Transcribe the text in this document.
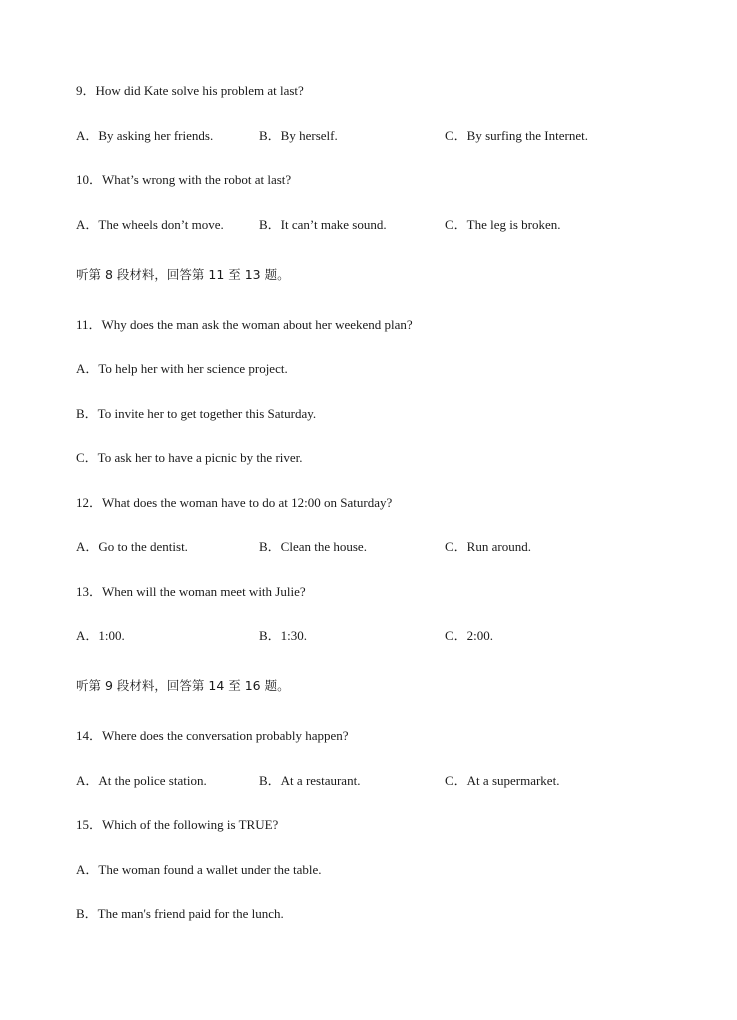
9．How did Kate solve his problem at last?
A．By asking her friends.	B．By herself.	C．By surfing the Internet.
10．What’s wrong with the robot at last?
A．The wheels don’t move.	B．It can’t make sound.	C．The leg is broken.
听第 8 段材料，回答第 11 至 13 题。
11．Why does the man ask the woman about her weekend plan?
A．To help her with her science project.
B．To invite her to get together this Saturday.
C．To ask her to have a picnic by the river.
12．What does the woman have to do at 12:00 on Saturday?
A．Go to the dentist.	B．Clean the house.	C．Run around.
13．When will the woman meet with Julie?
A．1:00.	B．1:30.	C．2:00.
听第 9 段材料，回答第 14 至 16 题。
14．Where does the conversation probably happen?
A．At the police station.	B．At a restaurant.	C．At a supermarket.
15．Which of the following is TRUE?
A．The woman found a wallet under the table.
B．The man's friend paid for the lunch.
